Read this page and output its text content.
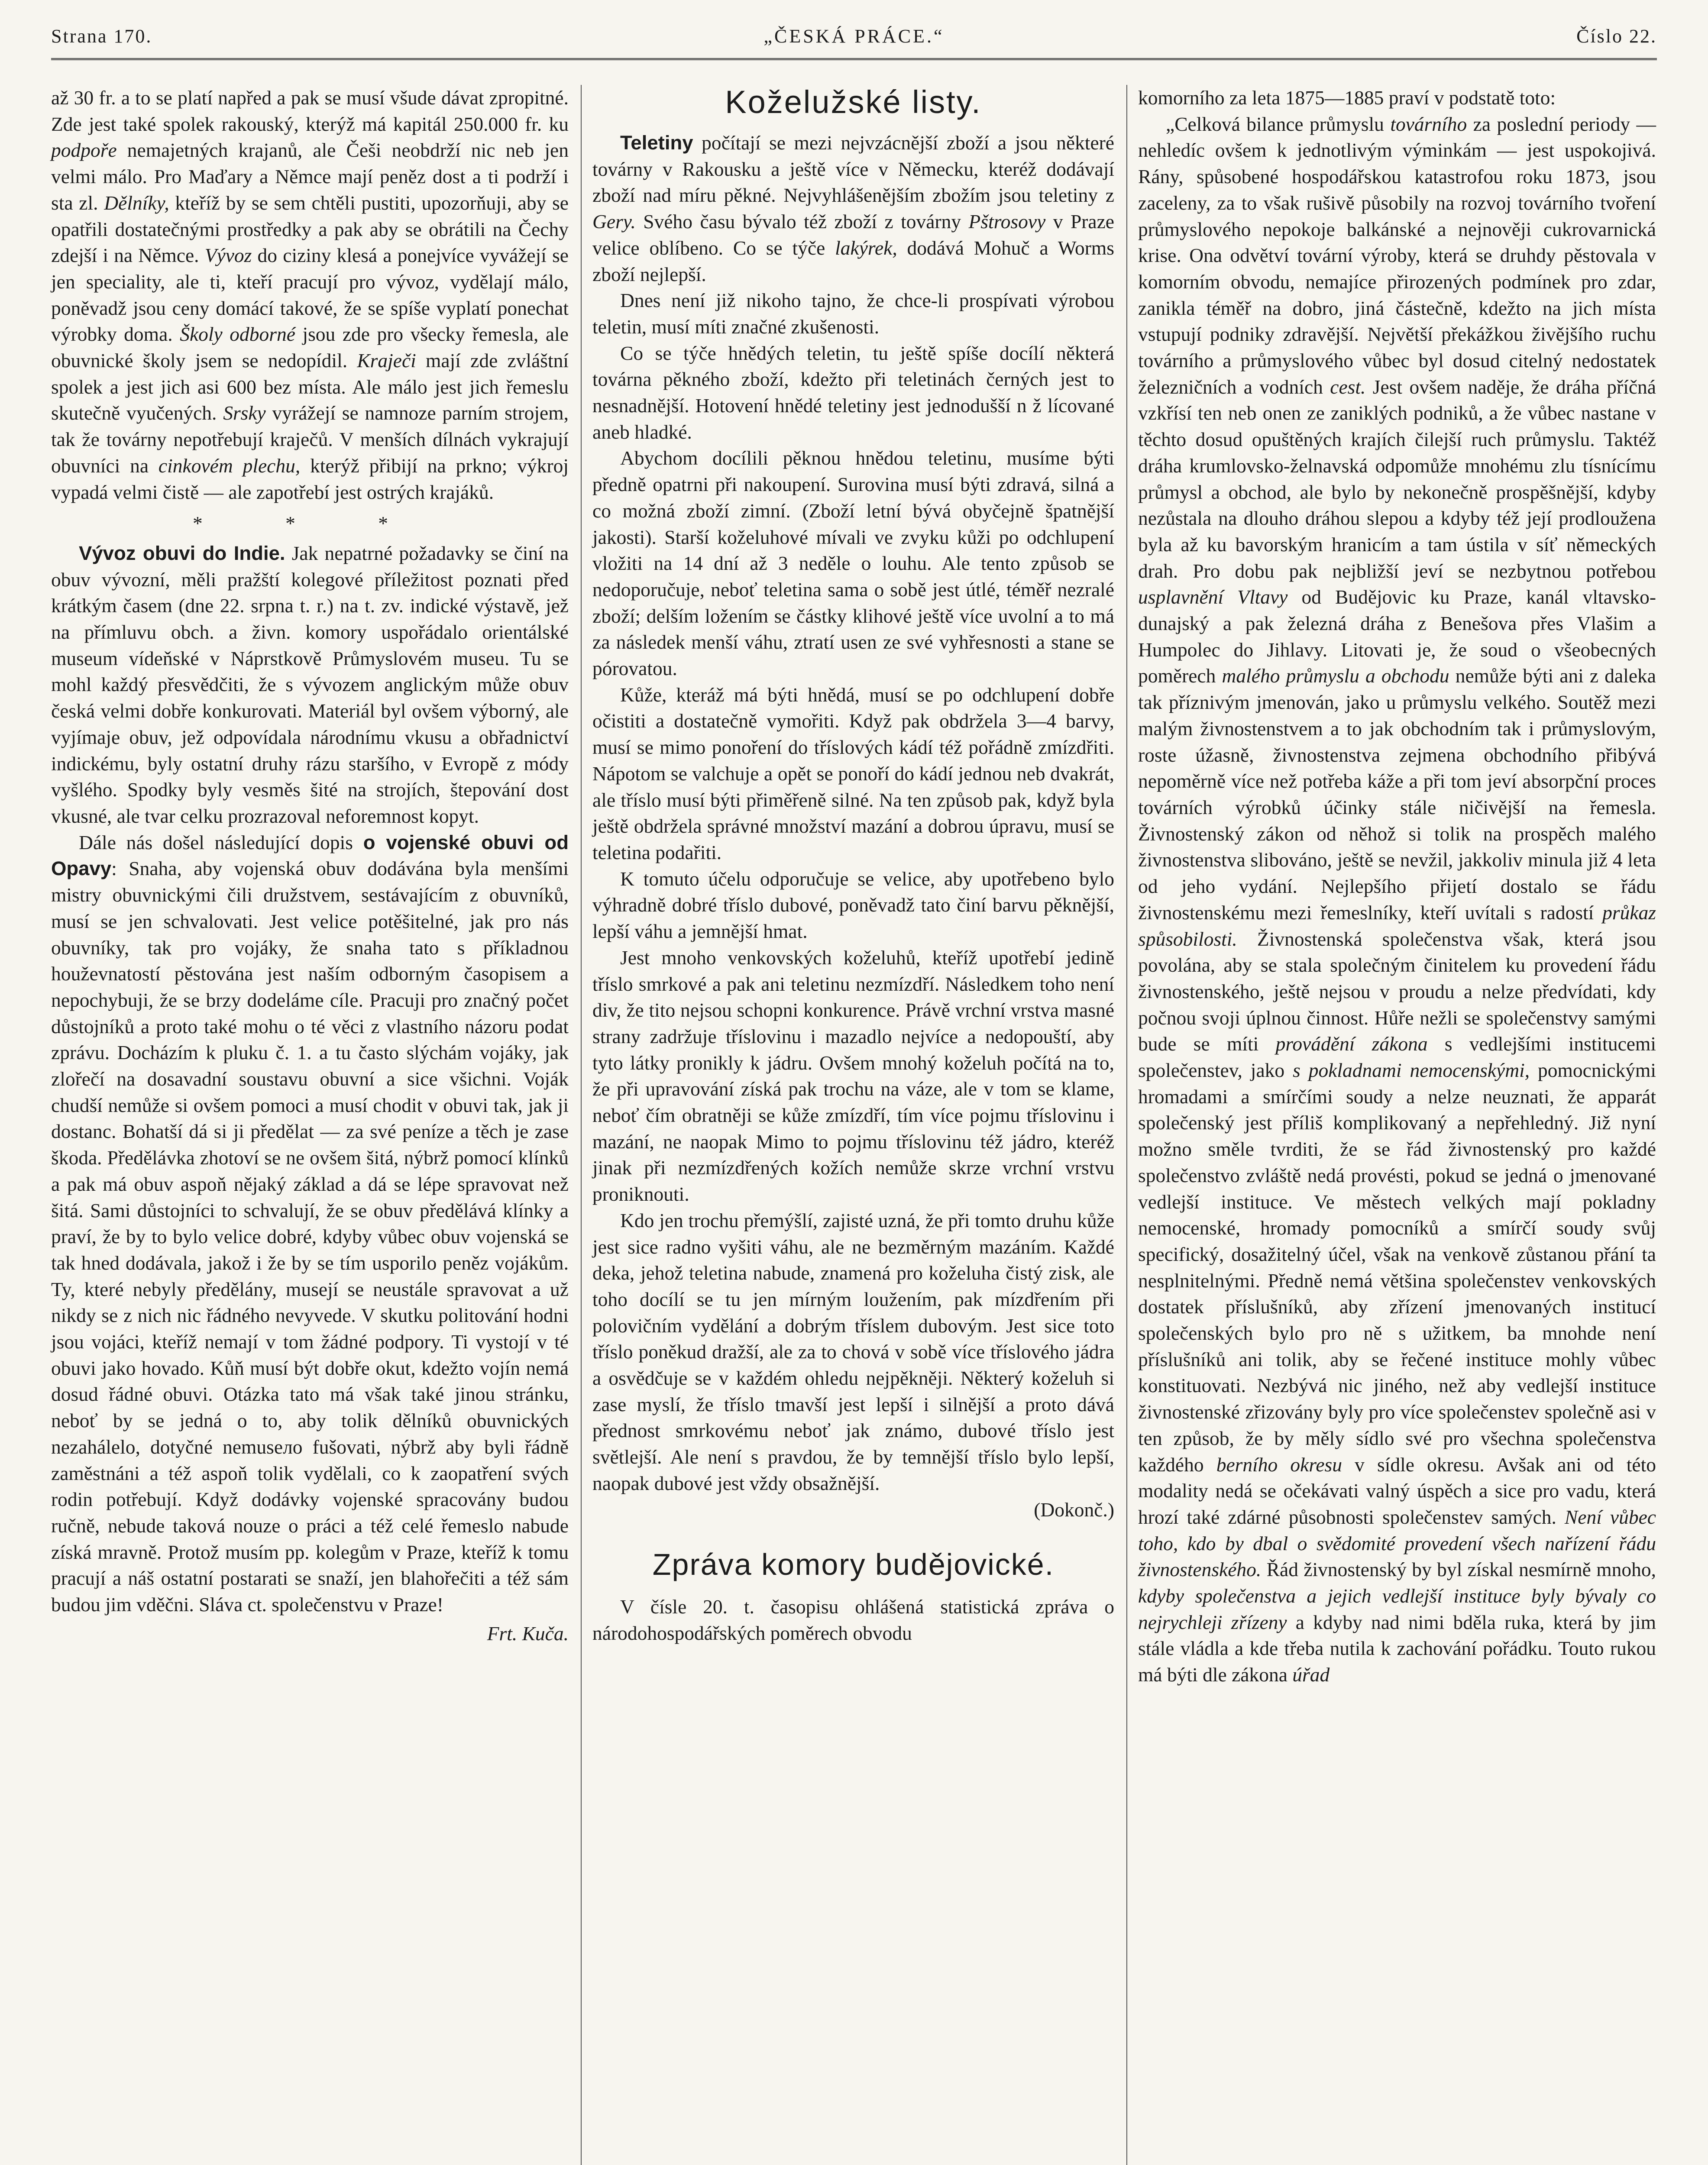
Strana 170.	„ČESKÁ PRÁCE.“	Číslo 22.

až 30 fr. a to se platí napřed a pak se musí všude dávat zpropitné. Zde jest také spolek rakouský, kterýž má kapitál 250.000 fr. ku podpoře nemajetných krajanů, ale Češi neobdrží nic neb jen velmi málo. Pro Maďary a Němce mají peněz dost a ti podrží i sta zl. Dělníky, kteříž by se sem chtěli pustiti, upozorňuji, aby se opatřili dostatečnými prostředky a pak aby se obrátili na Čechy zdejší i na Němce. Vývoz do ciziny klesá a ponejvíce vyvážejí se jen speciality, ale ti, kteří pracují pro vývoz, vydělají málo, poněvadž jsou ceny domácí takové, že se spíše vyplatí ponechat výrobky doma. Školy odborné jsou zde pro všecky řemesla, ale obuvnické školy jsem se nedopídil. Kraječi mají zde zvláštní spolek a jest jich asi 600 bez místa. Ale málo jest jich řemeslu skutečně vyučených. Srsky vyrážejí se namnoze parním strojem, tak že továrny nepotřebují kraječů. V menších dílnách vykrajují obuvníci na cinkovém plechu, kterýž přibijí na prkno; výkroj vypadá velmi čistě — ale zapotřebí jest ostrých krajáků.

* * *

Vývoz obuvi do Indie. Jak nepatrné požadavky se činí na obuv vývozní, měli pražští kolegové příležitost poznati před krátkým časem (dne 22. srpna t. r.) na t. zv. indické výstavě, jež na přímluvu obch. a živn. komory uspořádalo orientálské museum vídeňské v Náprstkově Průmyslovém museu. Tu se mohl každý přesvědčiti, že s vývozem anglickým může obuv česká velmi dobře konkurovati. Materiál byl ovšem výborný, ale vyjímaje obuv, jež odpovídala národnímu vkusu a obřadnictví indickému, byly ostatní druhy rázu staršího, v Evropě z módy vyšlého. Spodky byly vesměs šité na strojích, štepování dost vkusné, ale tvar celku prozrazoval neforemnost kopyt.

Dále nás došel následující dopis o vojenské obuvi od Opavy: Snaha, aby vojenská obuv dodávána byla menšími mistry obuvnickými čili družstvem, sestávajícím z obuvníků, musí se jen schvalovati. Jest velice potěšitelné, jak pro nás obuvníky, tak pro vojáky, že snaha tato s příkladnou houževnatostí pěstována jest naším odborným časopisem a nepochybuji, že se brzy dodeláme cíle. Pracuji pro značný počet důstojníků a proto také mohu o té věci z vlastního názoru podat zprávu. Docházím k pluku č. 1. a tu často slýchám vojáky, jak zlořečí na dosavadní soustavu obuvní a sice všichni. Voják chudší nemůže si ovšem pomoci a musí chodit v obuvi tak, jak ji dostanc. Bohatší dá si ji předělat — za své peníze a těch je zase škoda. Předělávka zhotoví se ne ovšem šitá, nýbrž pomocí klínků a pak má obuv aspoň nějaký základ a dá se lépe spravovat než šitá. Sami důstojníci to schvalují, že se obuv předělává klínky a praví, že by to bylo velice dobré, kdyby vůbec obuv vojenská se tak hned dodávala, jakož i že by se tím usporilo peněz vojákům. Ty, které nebyly předělány, musejí se neustále spravovat a už nikdy se z nich nic řádného nevyvede. V skutku politování hodni jsou vojáci, kteříž nemají v tom žádné podpory. Ti vystojí v té obuvi jako hovado. Kůň musí být dobře okut, kdežto vojín nemá dosud řádné obuvi. Otázka tato má však také jinou stránku, neboť by se jedná o to, aby tolik dělníků obuvnických nezahálelo, dotyčné nemusело fušovati, nýbrž aby byli řádně zaměstnáni a též aspoň tolik vydělali, co k zaopatření svých rodin potřebují. Když dodávky vojenské spracovány budou ručně, nebude taková nouze o práci a též celé řemeslo nabude získá mravně. Protož musím pp. kolegům v Praze, kteříž k tomu pracují a náš ostatní postarati se snaží, jen blahořečiti a též sám budou jim vděčni. Sláva ct. společenstvu v Praze!

Frt. Kuča.

Koželužské listy.

Teletiny počítají se mezi nejvzácnější zboží a jsou některé továrny v Rakousku a ještě více v Německu, kteréž dodávají zboží nad míru pěkné. Nejvyhlášenějším zbožím jsou teletiny z Gery. Svého času bývalo též zboží z továrny Pštrosovy v Praze velice oblíbeno. Co se týče lakýrek, dodává Mohuč a Worms zboží nejlepší.

Dnes není již nikoho tajno, že chce-li prospívati výrobou teletin, musí míti značné zkušenosti.

Co se týče hnědých teletin, tu ještě spíše docílí některá továrna pěkného zboží, kdežto při teletinách černých jest to nesnadnější. Hotovení hnědé teletiny jest jednodušší n ž lícované aneb hladké.

Abychom docílili pěknou hnědou teletinu, musíme býti předně opatrni při nakoupení. Surovina musí býti zdravá, silná a co možná zboží zimní. (Zboží letní bývá obyčejně špatnější jakosti). Starší koželuhové mívali ve zvyku kůži po odchlupení vložiti na 14 dní až 3 neděle o louhu. Ale tento způsob se nedoporučuje, neboť teletina sama o sobě jest útlé, téměř nezralé zboží; delším ložením se částky klihové ještě více uvolní a to má za následek menší váhu, ztratí usen ze své vyhřesnosti a stane se pórovatou.

Kůže, kteráž má býti hnědá, musí se po odchlupení dobře očistiti a dostatečně vymořiti. Když pak obdržela 3—4 barvy, musí se mimo ponoření do tříslových kádí též pořádně zmízdřiti. Nápotom se valchuje a opět se ponoří do kádí jednou neb dvakrát, ale tříslo musí býti přiměřeně silné. Na ten způsob pak, když byla ještě obdržela správné množství mazání a dobrou úpravu, musí se teletina podařiti.

K tomuto účelu odporučuje se velice, aby upotřebeno bylo výhradně dobré tříslo dubové, poněvadž tato činí barvu pěknější, lepší váhu a jemnější hmat.

Jest mnoho venkovských koželuhů, kteříž upotřebí jedině tříslo smrkové a pak ani teletinu nezmízdří. Následkem toho není div, že tito nejsou schopni konkurence. Právě vrchní vrstva masné strany zadržuje tříslovinu i mazadlo nejvíce a nedopouští, aby tyto látky pronikly k jádru. Ovšem mnohý koželuh počítá na to, že při upravování získá pak trochu na váze, ale v tom se klame, neboť čím obratněji se kůže zmízdří, tím více pojmu tříslovinu i mazání, ne naopak Mimo to pojmu tříslovinu též jádro, kteréž jinak při nezmízdřených kožích nemůže skrze vrchní vrstvu proniknouti.

Kdo jen trochu přemýšlí, zajisté uzná, že při tomto druhu kůže jest sice radno vyšiti váhu, ale ne bezměrným mazáním. Každé deka, jehož teletina nabude, znamená pro koželuha čistý zisk, ale toho docílí se tu jen mírným loužením, pak mízdřením při polovičním vydělání a dobrým tříslem dubovým. Jest sice toto tříslo poněkud dražší, ale za to chová v sobě více tříslového jádra a osvědčuje se v každém ohledu nejpěkněji. Některý koželuh si zase myslí, že tříslo tmavší jest lepší i silnější a proto dává přednost smrkovému neboť jak známo, dubové tříslo jest světlejší. Ale není s pravdou, že by temnější tříslo bylo lepší, naopak dubové jest vždy obsažnější.

(Dokonč.)

Zpráva komory budějovické.

V čísle 20. t. časopisu ohlášená statistická zpráva o národohospodářských poměrech obvodu

komorního za leta 1875—1885 praví v podstatě toto:

„Celková bilance průmyslu továrního za poslední periody — nehledíc ovšem k jednotlivým výminkám — jest uspokojivá. Rány, spůsobené hospodářskou katastrofou roku 1873, jsou zaceleny, za to však rušivě působily na rozvoj továrního tvoření průmyslového nepokoje balkánské a nejnověji cukrovarnická krise. Ona odvětví tovární výroby, která se druhdy pěstovala v komorním obvodu, nemajíce přirozených podmínek pro zdar, zanikla téměř na dobro, jiná částečně, kdežto na jich místa vstupují podniky zdravější. Největší překážkou živějšího ruchu továrního a průmyslového vůbec byl dosud citelný nedostatek železničních a vodních cest. Jest ovšem naděje, že dráha příčná vzkřísí ten neb onen ze zaniklých podniků, a že vůbec nastane v těchto dosud opuštěných krajích čilejší ruch průmyslu. Taktéž dráha krumlovsko-želnavská odpomůže mnohému zlu tísnícímu průmysl a obchod, ale bylo by nekonečně prospěšnější, kdyby nezůstala na dlouho dráhou slepou a kdyby též její prodloužena byla až ku bavorským hranicím a tam ústila v síť německých drah. Pro dobu pak nejbližší jeví se nezbytnou potřebou usplavnění Vltavy od Budějovic ku Praze, kanál vltavsko-dunajský a pak železná dráha z Benešova přes Vlašim a Humpolec do Jihlavy. Litovati je, že soud o všeobecných poměrech malého průmyslu a obchodu nemůže býti ani z daleka tak příznivým jmenován, jako u průmyslu velkého. Soutěž mezi malým živnostenstvem a to jak obchodním tak i průmyslovým, roste úžasně, živnostenstva zejmena obchodního přibývá nepoměrně více než potřeba káže a při tom jeví absorpční proces továrních výrobků účinky stále ničivější na řemesla. Živnostenský zákon od něhož si tolik na prospěch malého živnostenstva slibováno, ještě se nevžil, jakkoliv minula již 4 leta od jeho vydání. Nejlepšího přijetí dostalo se řádu živnostenskému mezi řemeslníky, kteří uvítali s radostí průkaz spůsobilosti. Živnostenská společenstva však, která jsou povolána, aby se stala společným činitelem ku provedení řádu živnostenského, ještě nejsou v proudu a nelze předvídati, kdy počnou svoji úplnou činnost. Hůře nežli se společenstvy samými bude se míti provádění zákona s vedlejšími institucemi společenstev, jako s pokladnami nemocenskými, pomocnickými hromadami a smírčími soudy a nelze neuznati, že apparát společenský jest příliš komplikovaný a nepřehledný. Již nyní možno směle tvrditi, že se řád živnostenský pro každé společenstvo zvláště nedá provésti, pokud se jedná o jmenované vedlejší instituce. Ve městech velkých mají pokladny nemocenské, hromady pomocníků a smírčí soudy svůj specifický, dosažitelný účel, však na venkově zůstanou přání ta nesplnitelnými. Předně nemá většina společenstev venkovských dostatek příslušníků, aby zřízení jmenovaných institucí společenských bylo pro ně s užitkem, ba mnohde není příslušníků ani tolik, aby se řečené instituce mohly vůbec konstituovati. Nezbývá nic jiného, než aby vedlejší instituce živnostenské zřizovány byly pro více společenstev společně asi v ten způsob, že by měly sídlo své pro všechna společenstva každého berního okresu v sídle okresu. Avšak ani od této modality nedá se očekávati valný úspěch a sice pro vadu, která hrozí také zdárné působnosti společenstev samých. Není vůbec toho, kdo by dbal o svědomité provedení všech nařízení řádu živnostenského. Řád živnostenský by byl získal nesmírně mnoho, kdyby společenstva a jejich vedlejší instituce byly bývaly co nejrychleji zřízeny a kdyby nad nimi bděla ruka, která by jim stále vládla a kde třeba nutila k zachování pořádku. Touto rukou má býti dle zákona úřad
